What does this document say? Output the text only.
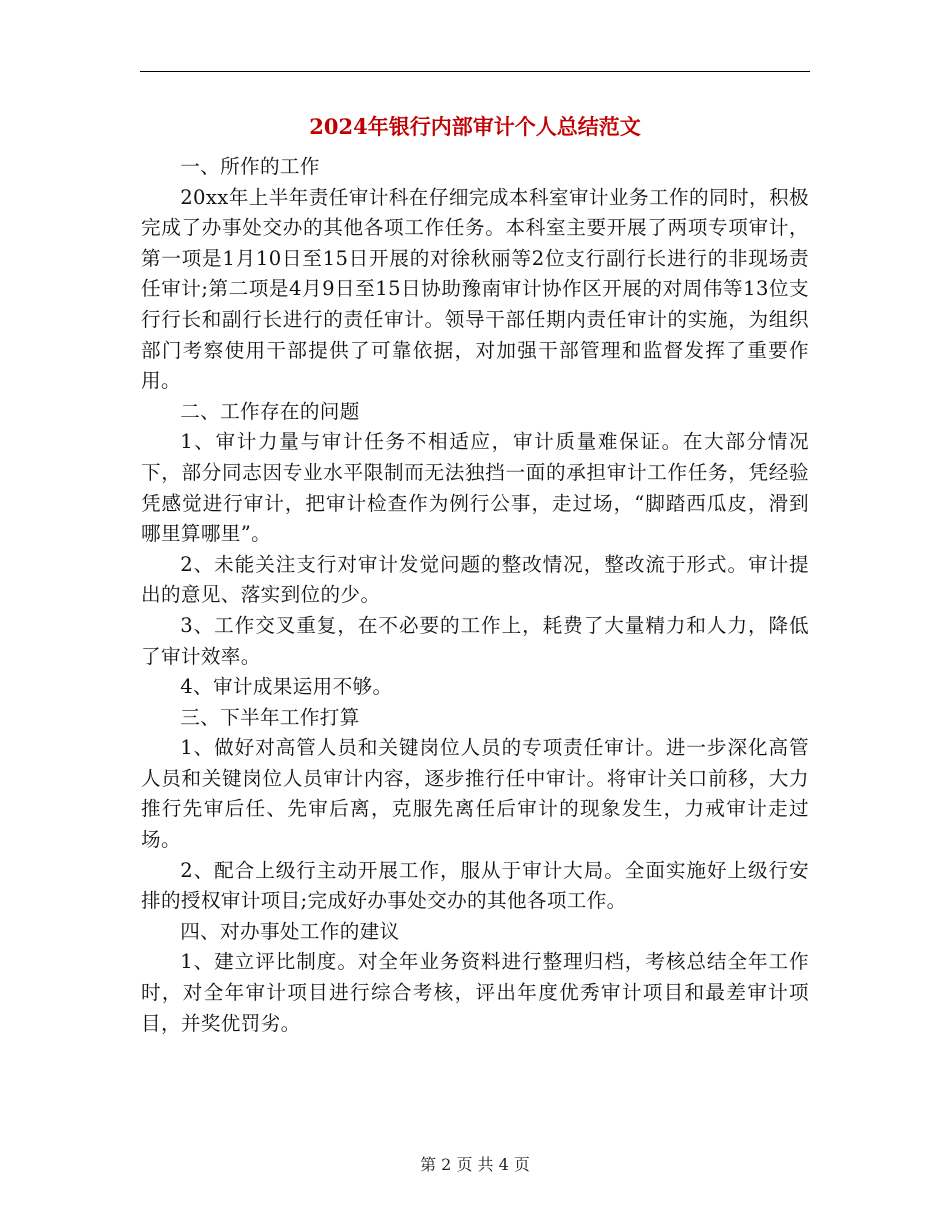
2024年银行内部审计个人总结范文

一、所作的工作

20xx年上半年责任审计科在仔细完成本科室审计业务工作的同时，积极完成了办事处交办的其他各项工作任务。本科室主要开展了两项专项审计，第一项是1月10日至15日开展的对徐秋丽等2位支行副行长进行的非现场责任审计;第二项是4月9日至15日协助豫南审计协作区开展的对周伟等13位支行行长和副行长进行的责任审计。领导干部任期内责任审计的实施，为组织部门考察使用干部提供了可靠依据，对加强干部管理和监督发挥了重要作用。

二、工作存在的问题

1、审计力量与审计任务不相适应，审计质量难保证。在大部分情况下，部分同志因专业水平限制而无法独挡一面的承担审计工作任务，凭经验凭感觉进行审计，把审计检查作为例行公事，走过场，“脚踏西瓜皮，滑到哪里算哪里”。

2、未能关注支行对审计发觉问题的整改情况，整改流于形式。审计提出的意见、落实到位的少。

3、工作交叉重复，在不必要的工作上，耗费了大量精力和人力，降低了审计效率。

4、审计成果运用不够。

三、下半年工作打算

1、做好对高管人员和关键岗位人员的专项责任审计。进一步深化高管人员和关键岗位人员审计内容，逐步推行任中审计。将审计关口前移，大力推行先审后任、先审后离，克服先离任后审计的现象发生，力戒审计走过场。

2、配合上级行主动开展工作，服从于审计大局。全面实施好上级行安排的授权审计项目;完成好办事处交办的其他各项工作。

四、对办事处工作的建议

1、建立评比制度。对全年业务资料进行整理归档，考核总结全年工作时，对全年审计项目进行综合考核，评出年度优秀审计项目和最差审计项目，并奖优罚劣。

第 2 页 共 4 页
